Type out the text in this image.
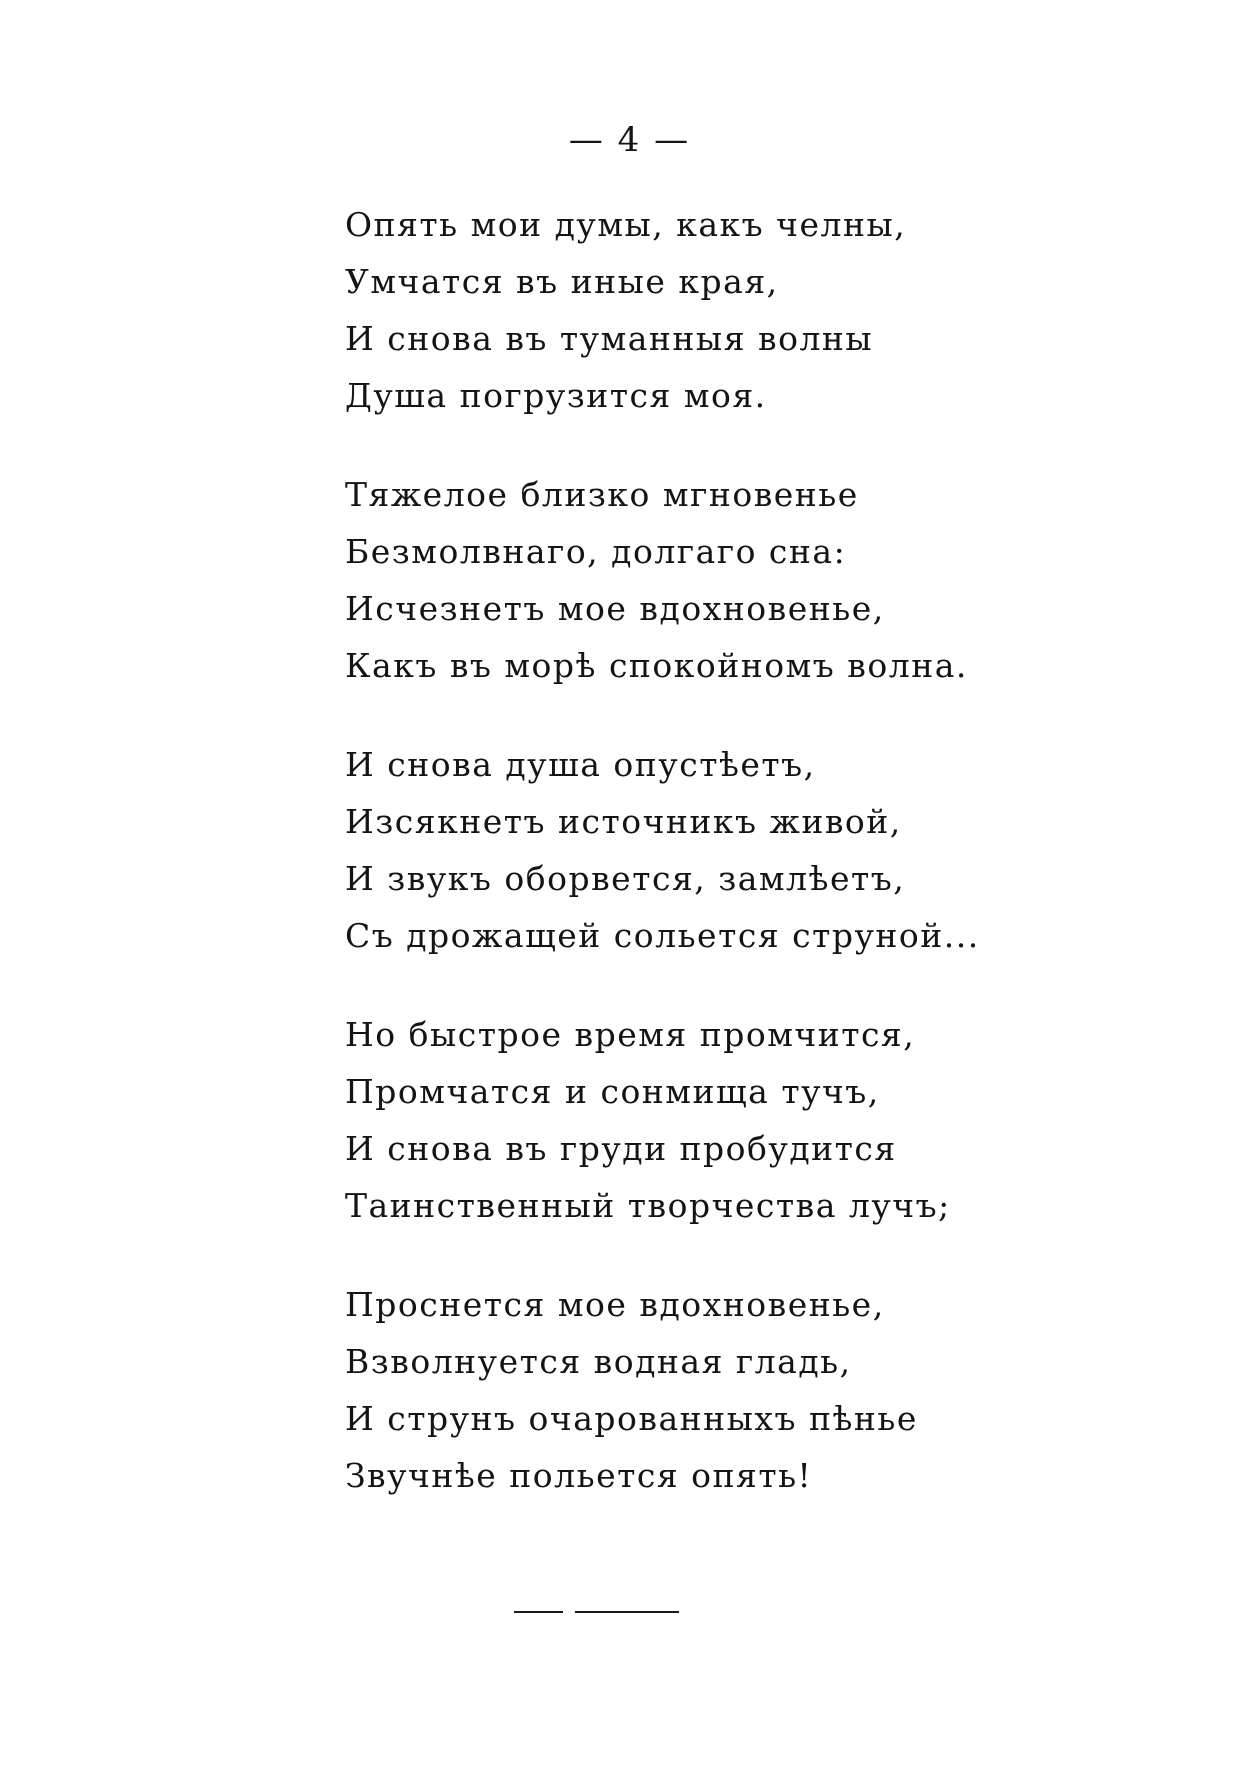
— 4 —
Опять мои думы, какъ челны,
Умчатся въ иные края,
И снова въ туманныя волны
Душа погрузится моя.
Тяжелое близко мгновенье
Безмолвнаго, долгаго сна:
Исчезнетъ мое вдохновенье,
Какъ въ морѣ спокойномъ волна.
И снова душа опустѣетъ,
Изсякнетъ источникъ живой,
И звукъ оборвется, замлѣетъ,
Съ дрожащей сольется струной...
Но быстрое время промчится,
Промчатся и сонмища тучъ,
И снова въ груди пробудится
Таинственный творчества лучъ;
Проснется мое вдохновенье,
Взволнуется водная гладь,
И струнъ очарованныхъ пѣнье
Звучнѣе польется опять!
